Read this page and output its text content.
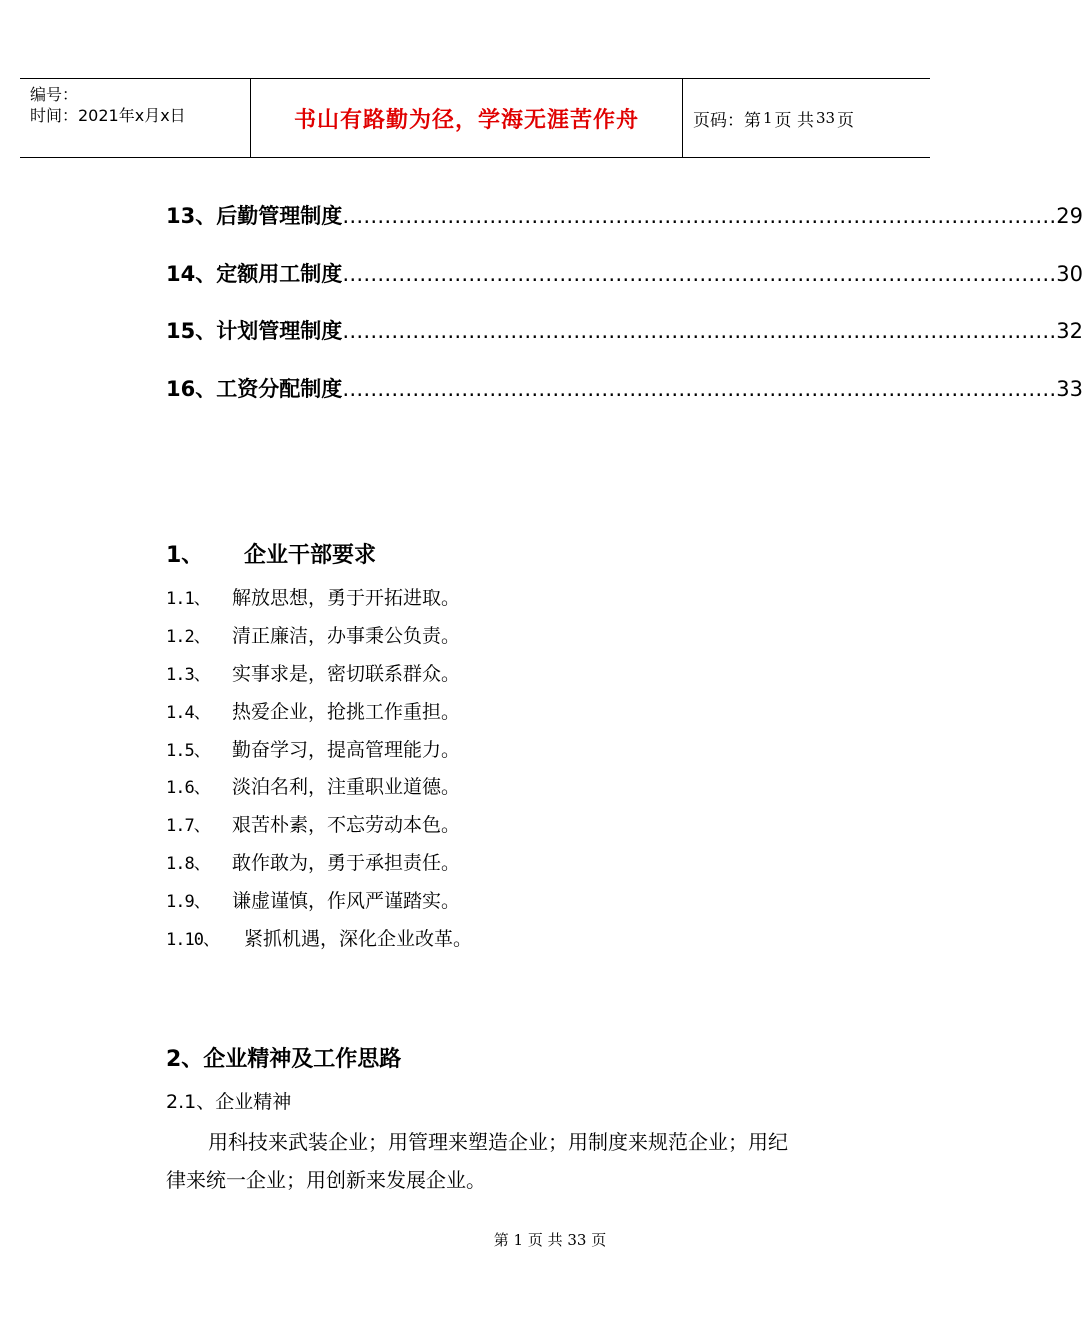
编号：
时间：2021年x月x日	书山有路勤为径，学海无涯苦作舟	页码：第 1 页 共 33 页
13、后勤管理制度 ………………………………………………………………………………………… 29
14、定额用工制度 ………………………………………………………………………………………… 30
15、计划管理制度 ………………………………………………………………………………………… 32
16、工资分配制度 ………………………………………………………………………………………… 33
1、 企业干部要求
1.1、 解放思想，勇于开拓进取。
1.2、 清正廉洁，办事秉公负责。
1.3、 实事求是，密切联系群众。
1.4、 热爱企业，抢挑工作重担。
1.5、 勤奋学习，提高管理能力。
1.6、 淡泊名利，注重职业道德。
1.7、 艰苦朴素，不忘劳动本色。
1.8、 敢作敢为，勇于承担责任。
1.9、 谦虚谨慎，作风严谨踏实。
1.10、 紧抓机遇，深化企业改革。
2、企业精神及工作思路
2.1、企业精神
用科技来武装企业；用管理来塑造企业；用制度来规范企业；用纪律来统一企业；用创新来发展企业。
第 1 页 共 33 页
